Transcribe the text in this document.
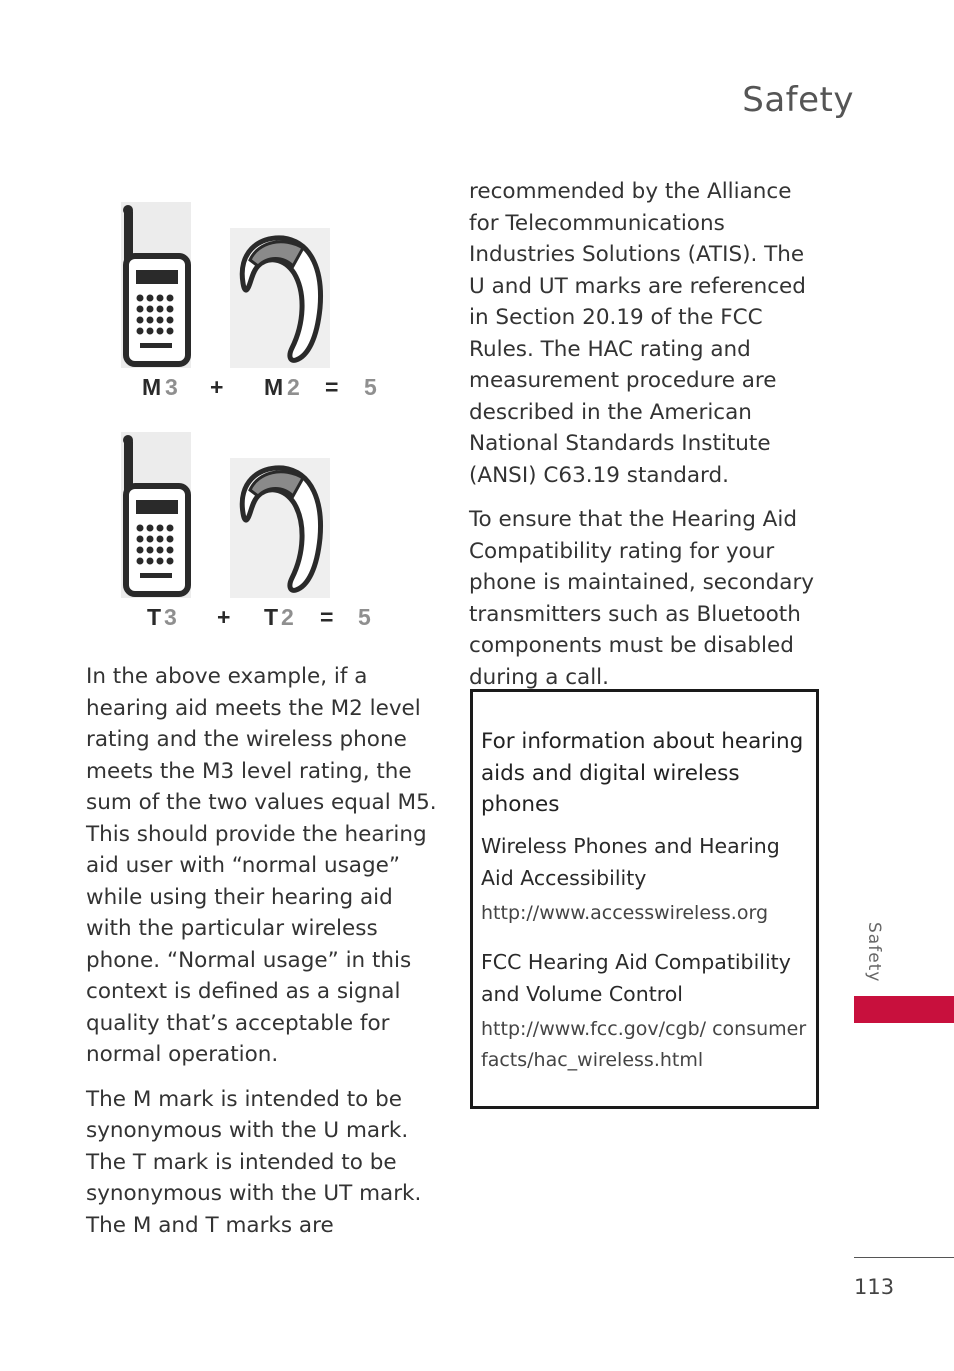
Safety
M 3 + M 2 = 5
T 3 + T 2 = 5

In the above example, if a hearing aid meets the M2 level rating and the wireless phone meets the M3 level rating, the sum of the two values equal M5. This should provide the hearing aid user with “normal usage” while using their hearing aid with the particular wireless phone. “Normal usage” in this context is defined as a signal quality that’s acceptable for normal operation.

The M mark is intended to be synonymous with the U mark. The T mark is intended to be synonymous with the UT mark. The M and T marks are

recommended by the Alliance for Telecommunications Industries Solutions (ATIS). The U and UT marks are referenced in Section 20.19 of the FCC Rules. The HAC rating and measurement procedure are described in the American National Standards Institute (ANSI) C63.19 standard.

To ensure that the Hearing Aid Compatibility rating for your phone is maintained, secondary transmitters such as Bluetooth components must be disabled during a call.

For information about hearing aids and digital wireless phones
Wireless Phones and Hearing Aid Accessibility
http://www.accesswireless.org
FCC Hearing Aid Compatibility and Volume Control
http://www.fcc.gov/cgb/ consumerfacts/hac_wireless.html
Safety
113
